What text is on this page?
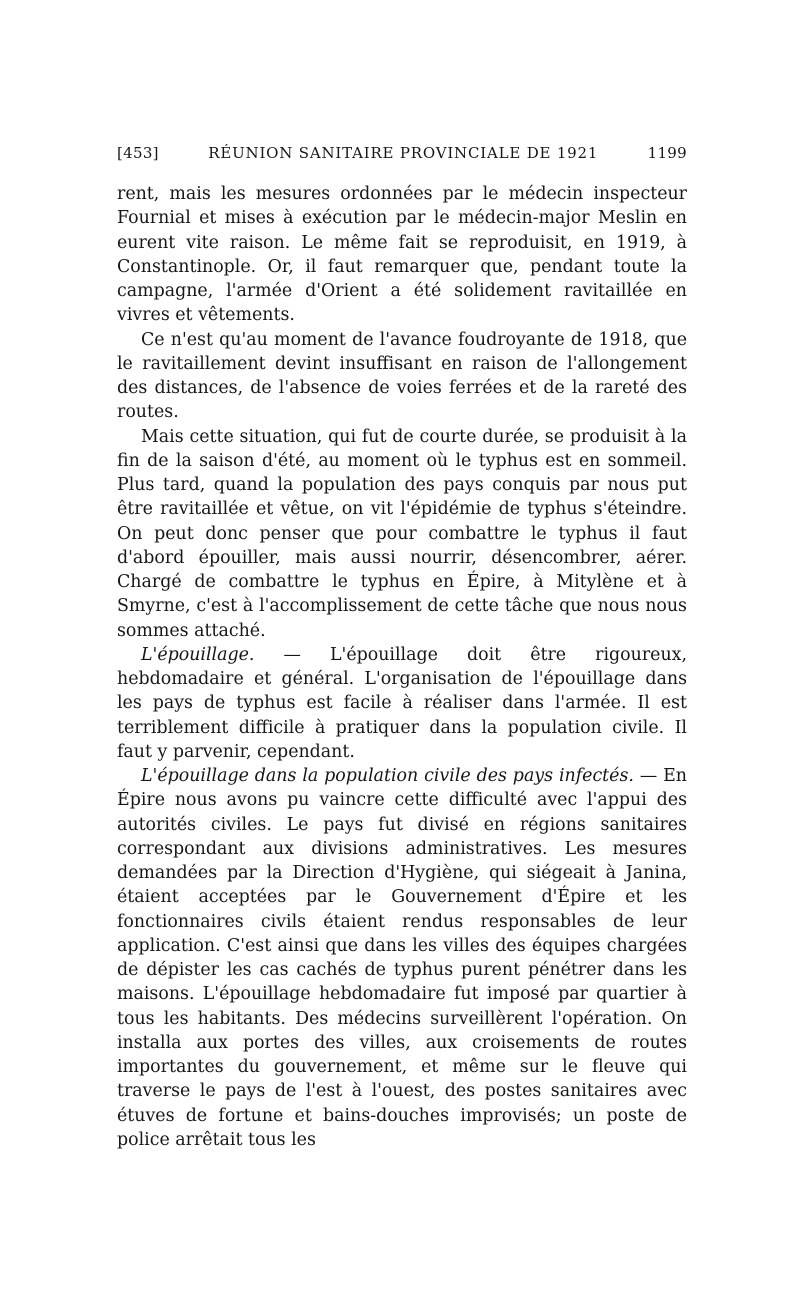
[453]	RÉUNION SANITAIRE PROVINCIALE DE 1921	1199

rent, mais les mesures ordonnées par le médecin inspecteur Fournial et mises à exécution par le médecin-major Meslin en eurent vite raison. Le même fait se reproduisit, en 1919, à Constantinople. Or, il faut remarquer que, pendant toute la campagne, l'armée d'Orient a été solidement ravitaillée en vivres et vêtements.

Ce n'est qu'au moment de l'avance foudroyante de 1918, que le ravitaillement devint insuffisant en raison de l'allongement des distances, de l'absence de voies ferrées et de la rareté des routes.

Mais cette situation, qui fut de courte durée, se produisit à la fin de la saison d'été, au moment où le typhus est en sommeil. Plus tard, quand la population des pays conquis par nous put être ravitaillée et vêtue, on vit l'épidémie de typhus s'éteindre. On peut donc penser que pour combattre le typhus il faut d'abord épouiller, mais aussi nourrir, désencombrer, aérer. Chargé de combattre le typhus en Épire, à Mitylène et à Smyrne, c'est à l'accomplissement de cette tâche que nous nous sommes attaché.

L'épouillage. — L'épouillage doit être rigoureux, hebdomadaire et général. L'organisation de l'épouillage dans les pays de typhus est facile à réaliser dans l'armée. Il est terriblement difficile à pratiquer dans la population civile. Il faut y parvenir, cependant.

L'épouillage dans la population civile des pays infectés. — En Épire nous avons pu vaincre cette difficulté avec l'appui des autorités civiles. Le pays fut divisé en régions sanitaires correspondant aux divisions administratives. Les mesures demandées par la Direction d'Hygiène, qui siégeait à Janina, étaient acceptées par le Gouvernement d'Épire et les fonctionnaires civils étaient rendus responsables de leur application. C'est ainsi que dans les villes des équipes chargées de dépister les cas cachés de typhus purent pénétrer dans les maisons. L'épouillage hebdomadaire fut imposé par quartier à tous les habitants. Des médecins surveillèrent l'opération. On installa aux portes des villes, aux croisements de routes importantes du gouvernement, et même sur le fleuve qui traverse le pays de l'est à l'ouest, des postes sanitaires avec étuves de fortune et bains-douches improvisés; un poste de police arrêtait tous les
